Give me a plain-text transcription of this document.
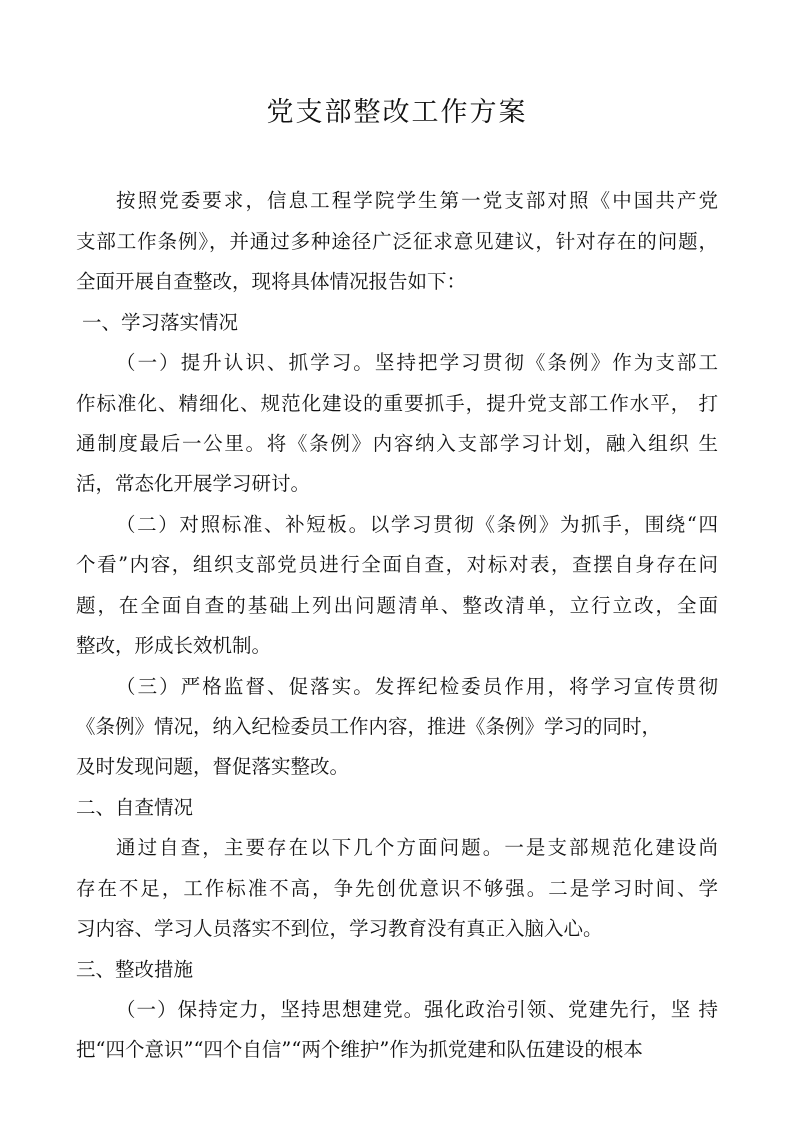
党支部整改工作方案

按照党委要求，信息工程学院学生第一党支部对照《中国共产党

支部工作条例》，并通过多种途径广泛征求意见建议，针对存在的问题，

全面开展自查整改，现将具体情况报告如下：

一、学习落实情况

（一）提升认识、抓学习。坚持把学习贯彻《条例》作为支部工

作标准化、精细化、规范化建设的重要抓手，提升党支部工作水平， 打

通制度最后一公里。将《条例》内容纳入支部学习计划，融入组织 生

活，常态化开展学习研讨。

（二）对照标准、补短板。以学习贯彻《条例》为抓手，围绕“四

个看”内容，组织支部党员进行全面自查，对标对表，查摆自身存在问

题，在全面自查的基础上列出问题清单、整改清单，立行立改，全面

整改，形成长效机制。

（三）严格监督、促落实。发挥纪检委员作用，将学习宣传贯彻

《条例》情况，纳入纪检委员工作内容，推进《条例》学习的同时，

及时发现问题，督促落实整改。

二、自查情况

通过自查，主要存在以下几个方面问题。一是支部规范化建设尚

存在不足，工作标准不高，争先创优意识不够强。二是学习时间、学

习内容、学习人员落实不到位，学习教育没有真正入脑入心。

三、整改措施

（一）保持定力，坚持思想建党。强化政治引领、党建先行，坚 持

把“四个意识”“四个自信”“两个维护”作为抓党建和队伍建设的根本
